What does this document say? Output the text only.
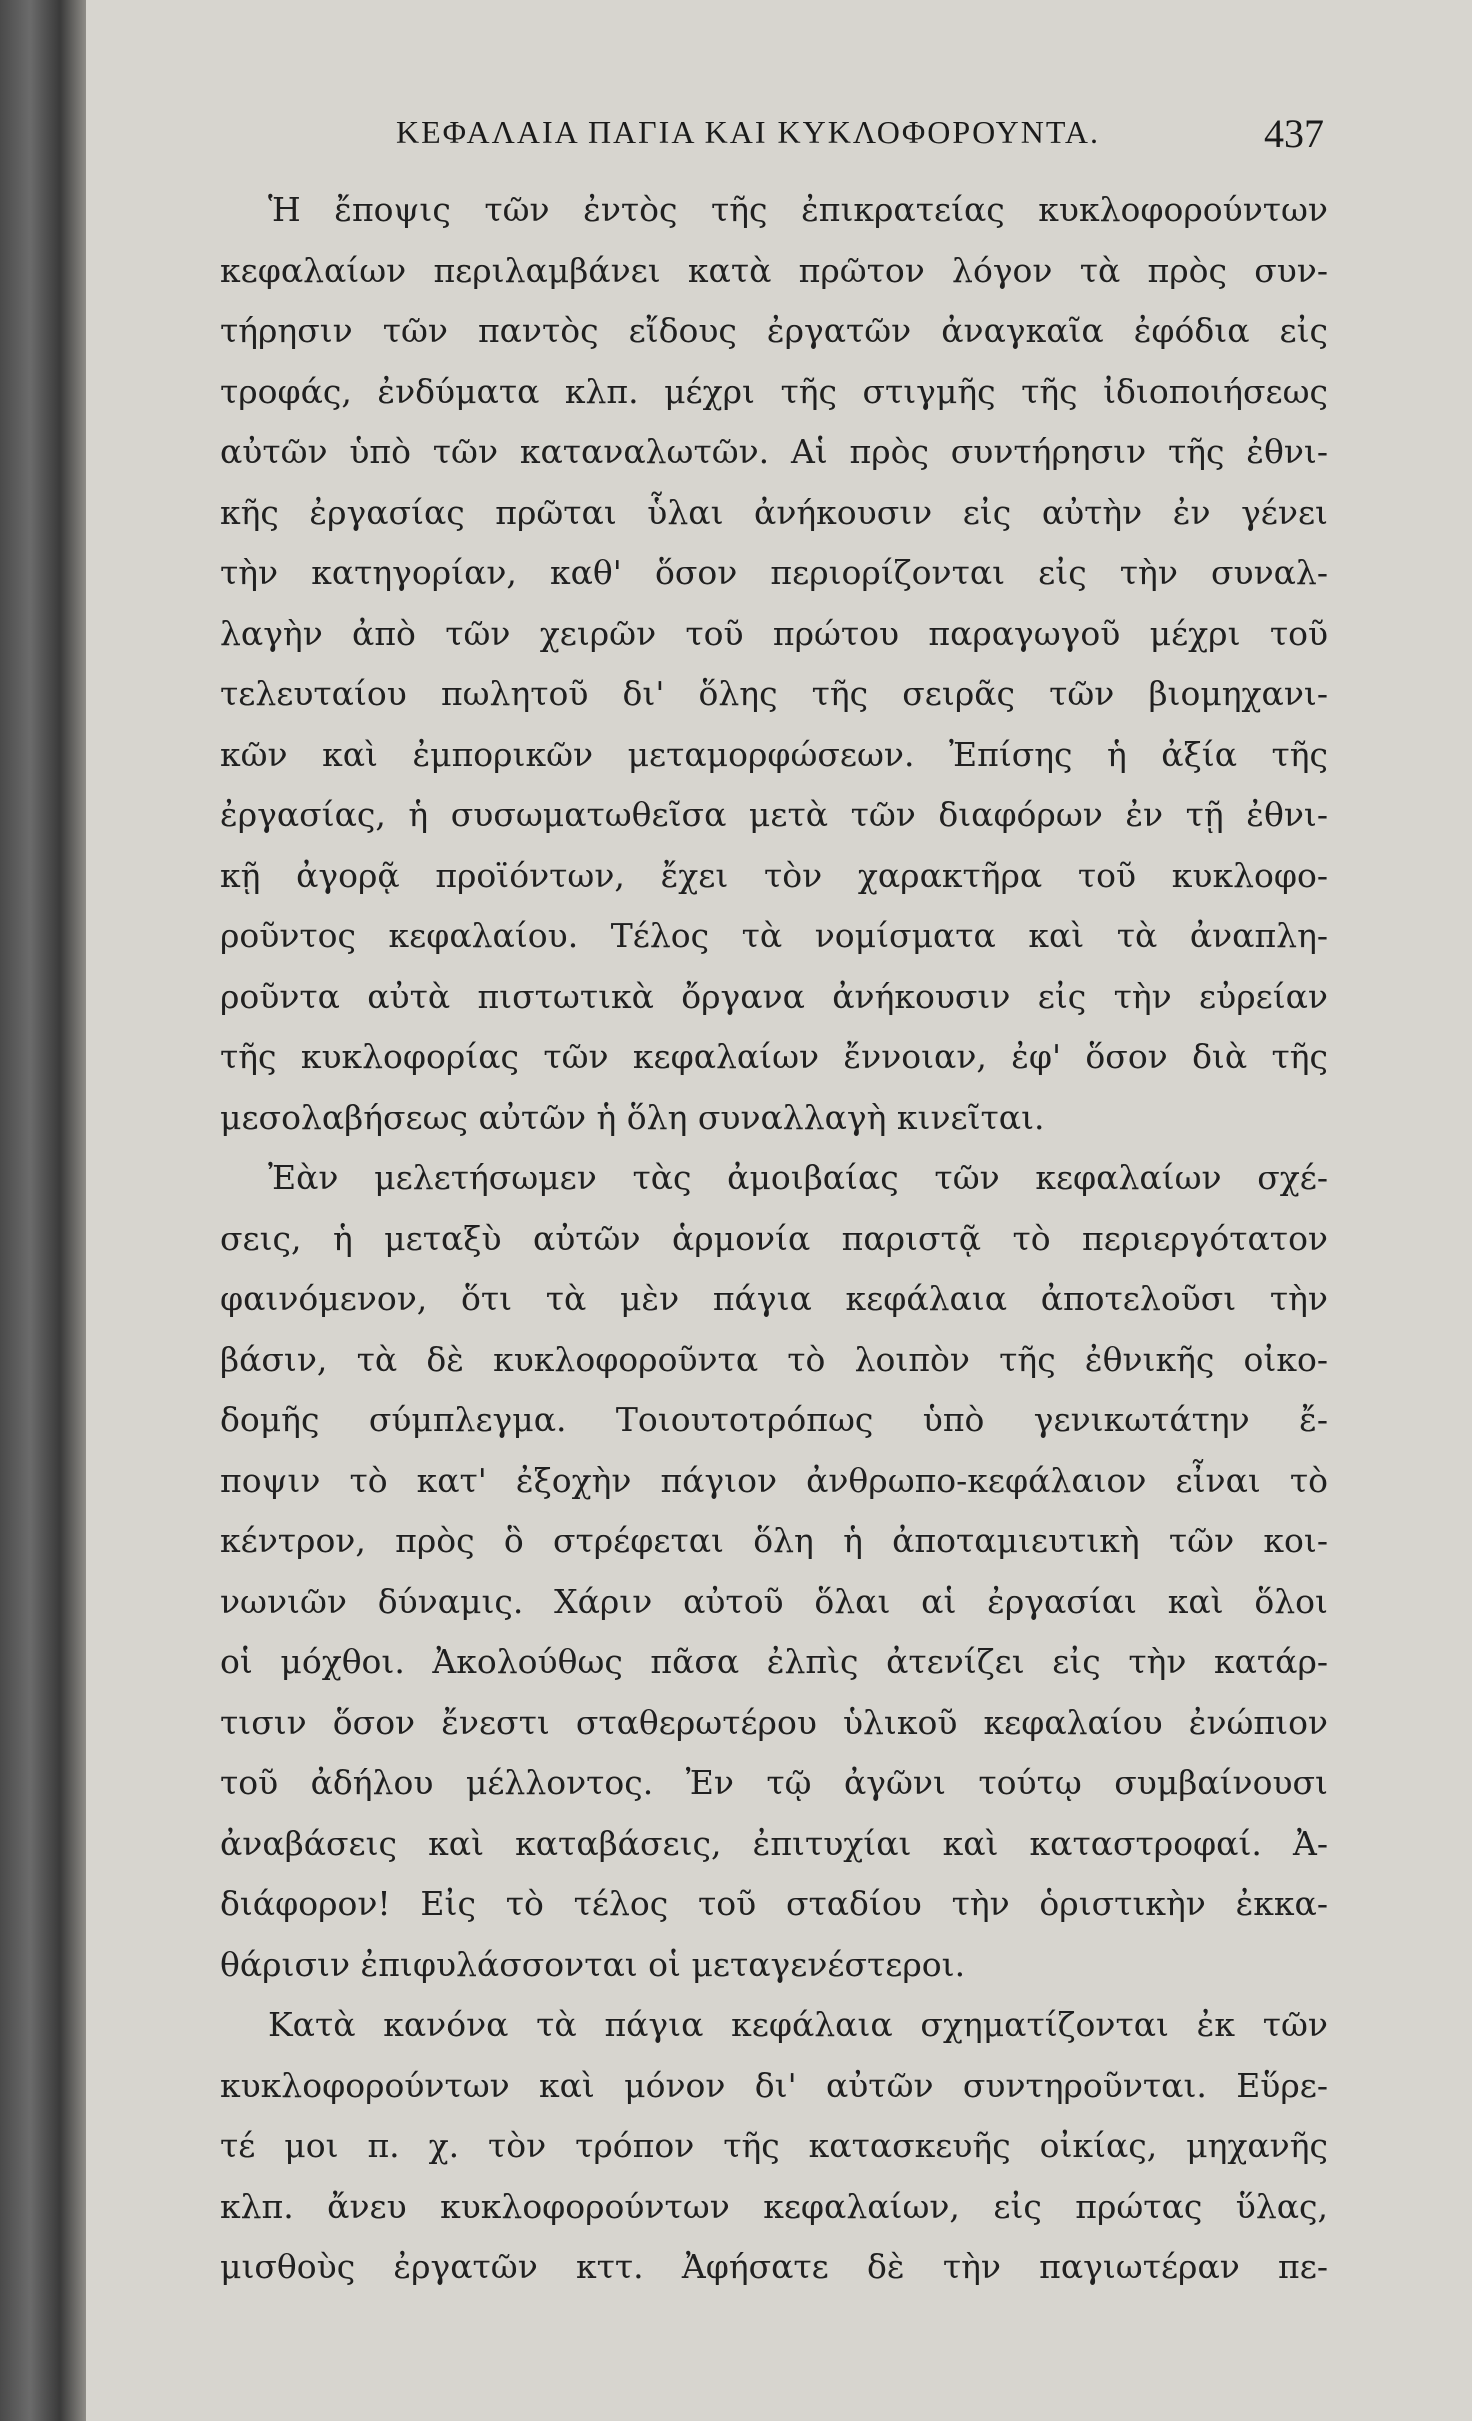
ΚΕΦΑΛΑΙΑ ΠΑΓΙΑ ΚΑΙ ΚΥΚΛΟΦΟΡΟΥΝΤΑ.	437
Ἡ ἔποψις τῶν ἐντὸς τῆς ἐπικρατείας κυκλοφορούντων
κεφαλαίων περιλαμβάνει κατὰ πρῶτον λόγον τὰ πρὸς συν-
τήρησιν τῶν παντὸς εἴδους ἐργατῶν ἀναγκαῖα ἐφόδια εἰς
τροφάς, ἐνδύματα κλπ. μέχρι τῆς στιγμῆς τῆς ἰδιοποιήσεως
αὐτῶν ὑπὸ τῶν καταναλωτῶν. Αἱ πρὸς συντήρησιν τῆς ἐθνι-
κῆς ἐργασίας πρῶται ὗλαι ἀνήκουσιν εἰς αὐτὴν ἐν γένει
τὴν κατηγορίαν, καθ' ὅσον περιορίζονται εἰς τὴν συναλ-
λαγὴν ἀπὸ τῶν χειρῶν τοῦ πρώτου παραγωγοῦ μέχρι τοῦ
τελευταίου πωλητοῦ δι' ὅλης τῆς σειρᾶς τῶν βιομηχανι-
κῶν καὶ ἐμπορικῶν μεταμορφώσεων. Ἐπίσης ἡ ἀξία τῆς
ἐργασίας, ἡ συσωματωθεῖσα μετὰ τῶν διαφόρων ἐν τῇ ἐθνι-
κῇ ἀγορᾷ προϊόντων, ἔχει τὸν χαρακτῆρα τοῦ κυκλοφο-
ροῦντος κεφαλαίου. Τέλος τὰ νομίσματα καὶ τὰ ἀναπλη-
ροῦντα αὐτὰ πιστωτικὰ ὄργανα ἀνήκουσιν εἰς τὴν εὐρείαν
τῆς κυκλοφορίας τῶν κεφαλαίων ἔννοιαν, ἐφ' ὅσον διὰ τῆς
μεσολαβήσεως αὐτῶν ἡ ὅλη συναλλαγὴ κινεῖται.
Ἐὰν μελετήσωμεν τὰς ἀμοιβαίας τῶν κεφαλαίων σχέ-
σεις, ἡ μεταξὺ αὐτῶν ἁρμονία παριστᾷ τὸ περιεργότατον
φαινόμενον, ὅτι τὰ μὲν πάγια κεφάλαια ἀποτελοῦσι τὴν
βάσιν, τὰ δὲ κυκλοφοροῦντα τὸ λοιπὸν τῆς ἐθνικῆς οἰκο-
δομῆς σύμπλεγμα. Τοιουτοτρόπως ὑπὸ γενικωτάτην ἔ-
ποψιν τὸ κατ' ἐξοχὴν πάγιον ἀνθρωπο-κεφάλαιον εἶναι τὸ
κέντρον, πρὸς ὃ στρέφεται ὅλη ἡ ἀποταμιευτικὴ τῶν κοι-
νωνιῶν δύναμις. Χάριν αὐτοῦ ὅλαι αἱ ἐργασίαι καὶ ὅλοι
οἱ μόχθοι. Ἀκολούθως πᾶσα ἐλπὶς ἀτενίζει εἰς τὴν κατάρ-
τισιν ὅσον ἔνεστι σταθερωτέρου ὑλικοῦ κεφαλαίου ἐνώπιον
τοῦ ἀδήλου μέλλοντος. Ἐν τῷ ἀγῶνι τούτῳ συμβαίνουσι
ἀναβάσεις καὶ καταβάσεις, ἐπιτυχίαι καὶ καταστροφαί. Ἀ-
διάφορον! Εἰς τὸ τέλος τοῦ σταδίου τὴν ὁριστικὴν ἐκκα-
θάρισιν ἐπιφυλάσσονται οἱ μεταγενέστεροι.
Κατὰ κανόνα τὰ πάγια κεφάλαια σχηματίζονται ἐκ τῶν
κυκλοφορούντων καὶ μόνον δι' αὐτῶν συντηροῦνται. Εὕρε-
τέ μοι π. χ. τὸν τρόπον τῆς κατασκευῆς οἰκίας, μηχανῆς
κλπ. ἄνευ κυκλοφορούντων κεφαλαίων, εἰς πρώτας ὕλας,
μισθοὺς ἐργατῶν κττ. Ἀφήσατε δὲ τὴν παγιωτέραν πε-
